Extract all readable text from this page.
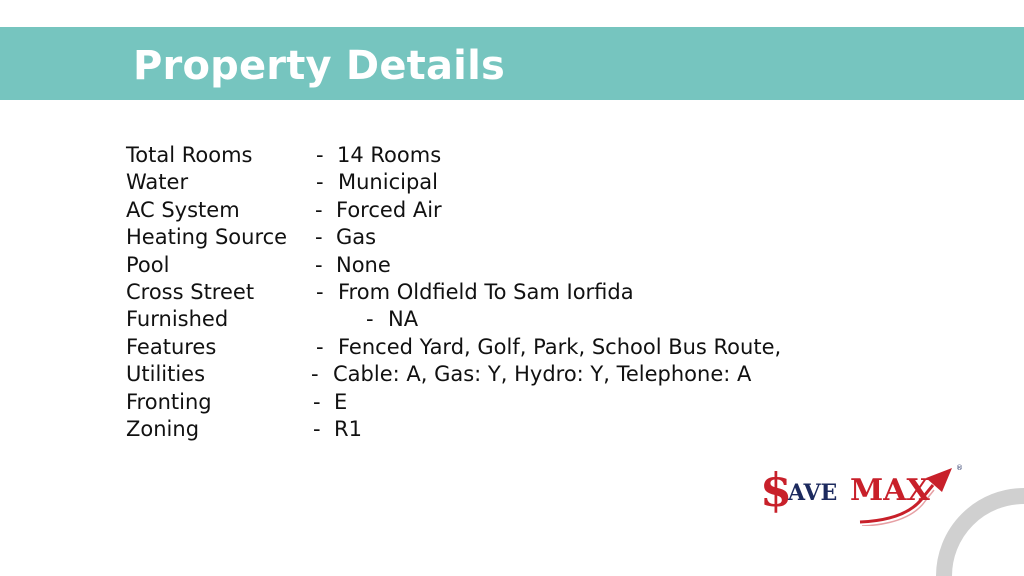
Property Details
Total Rooms	- 14 Rooms
Water	- Municipal
AC System	- Forced Air
Heating Source - Gas
Pool	- None
Cross Street	- From Oldfield To Sam Iorfida
Furnished	- NA
Features	- Fenced Yard, Golf, Park, School Bus Route,
Utilities	- Cable: A, Gas: Y, Hydro: Y, Telephone: A
Fronting	- E
Zoning	- R1
$
AVE MAX
®
